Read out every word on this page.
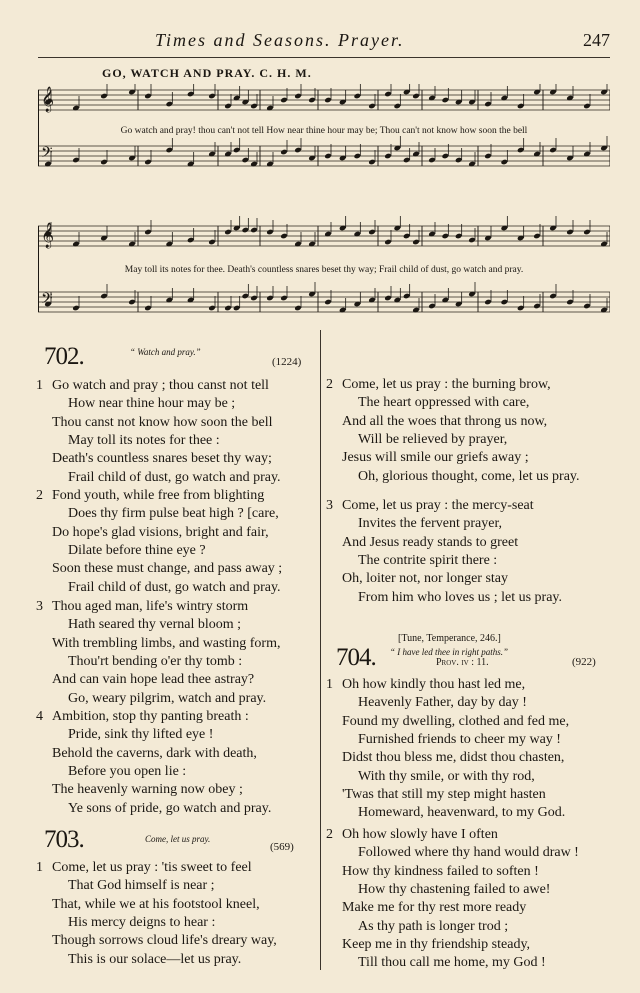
Times and Seasons. Prayer.	247
GO, WATCH AND PRAY. C. H. M.
𝄞
𝄢
Go watch and pray! thou can't not tell How near thine hour may be; Thou can't not know how soon the bell
𝄞
𝄢
May toll its notes for thee. Death's countless snares beset thy way; Frail child of dust, go watch and pray.
702.	“ Watch and pray.”
(1224)
1 Go watch and pray ; thou canst not tell
How near thine hour may be ;
Thou canst not know how soon the bell
May toll its notes for thee :
Death's countless snares beset thy way;
Frail child of dust, go watch and pray.
2 Fond youth, while free from blighting
Does thy firm pulse beat high ? [care,
Do hope's glad visions, bright and fair,
Dilate before thine eye ?
Soon these must change, and pass away ;
Frail child of dust, go watch and pray.
3 Thou aged man, life's wintry storm
Hath seared thy vernal bloom ;
With trembling limbs, and wasting form,
Thou'rt bending o'er thy tomb :
And can vain hope lead thee astray?
Go, weary pilgrim, watch and pray.
4 Ambition, stop thy panting breath :
Pride, sink thy lifted eye !
Behold the caverns, dark with death,
Before you open lie :
The heavenly warning now obey ;
Ye sons of pride, go watch and pray.
703.	Come, let us pray.
(569)
1 Come, let us pray : 'tis sweet to feel
That God himself is near ;
That, while we at his footstool kneel,
His mercy deigns to hear :
Though sorrows cloud life's dreary way,
This is our solace—let us pray.
2 Come, let us pray : the burning brow,
The heart oppressed with care,
And all the woes that throng us now,
Will be relieved by prayer,
Jesus will smile our griefs away ;
Oh, glorious thought, come, let us pray.
3 Come, let us pray : the mercy-seat
Invites the fervent prayer,
And Jesus ready stands to greet
The contrite spirit there :
Oh, loiter not, nor longer stay
From him who loves us ; let us pray.
[Tune, Temperance, 246.]
704. “ I have led thee in right paths.”
Prov. iv : 11.	(922)
1 Oh how kindly thou hast led me,
Heavenly Father, day by day !
Found my dwelling, clothed and fed me,
Furnished friends to cheer my way !
Didst thou bless me, didst thou chasten,
With thy smile, or with thy rod,
'Twas that still my step might hasten
Homeward, heavenward, to my God.
2 Oh how slowly have I often
Followed where thy hand would draw !
How thy kindness failed to soften !
How thy chastening failed to awe!
Make me for thy rest more ready
As thy path is longer trod ;
Keep me in thy friendship steady,
Till thou call me home, my God !
